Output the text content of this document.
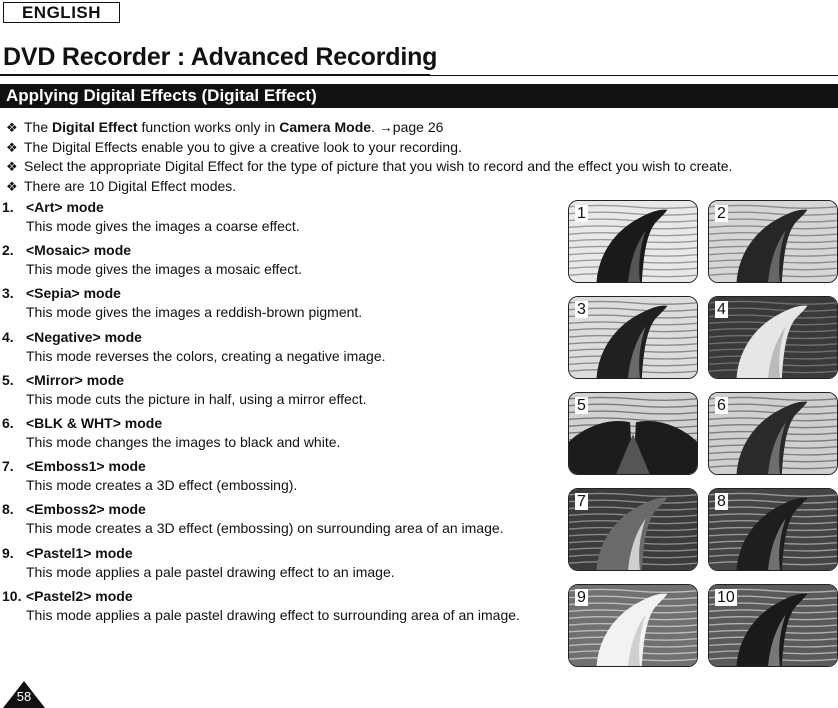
ENGLISH
DVD Recorder : Advanced Recording
Applying Digital Effects (Digital Effect)
❖ The Digital Effect function works only in Camera Mode. →page 26
❖ The Digital Effects enable you to give a creative look to your recording.
❖ Select the appropriate Digital Effect for the type of picture that you wish to record and the effect you wish to create.
❖ There are 10 Digital Effect modes.
1. <Art> mode
This mode gives the images a coarse effect.
2. <Mosaic> mode
This mode gives the images a mosaic effect.
3. <Sepia> mode
This mode gives the images a reddish-brown pigment.
4. <Negative> mode
This mode reverses the colors, creating a negative image.
5. <Mirror> mode
This mode cuts the picture in half, using a mirror effect.
6. <BLK & WHT> mode
This mode changes the images to black and white.
7. <Emboss1> mode
This mode creates a 3D effect (embossing).
8. <Emboss2> mode
This mode creates a 3D effect (embossing) on surrounding area of an image.
9. <Pastel1> mode
This mode applies a pale pastel drawing effect to an image.
10. <Pastel2> mode
This mode applies a pale pastel drawing effect to surrounding area of an image.
1	2
3	4
5	6
7	8
9	10
58
